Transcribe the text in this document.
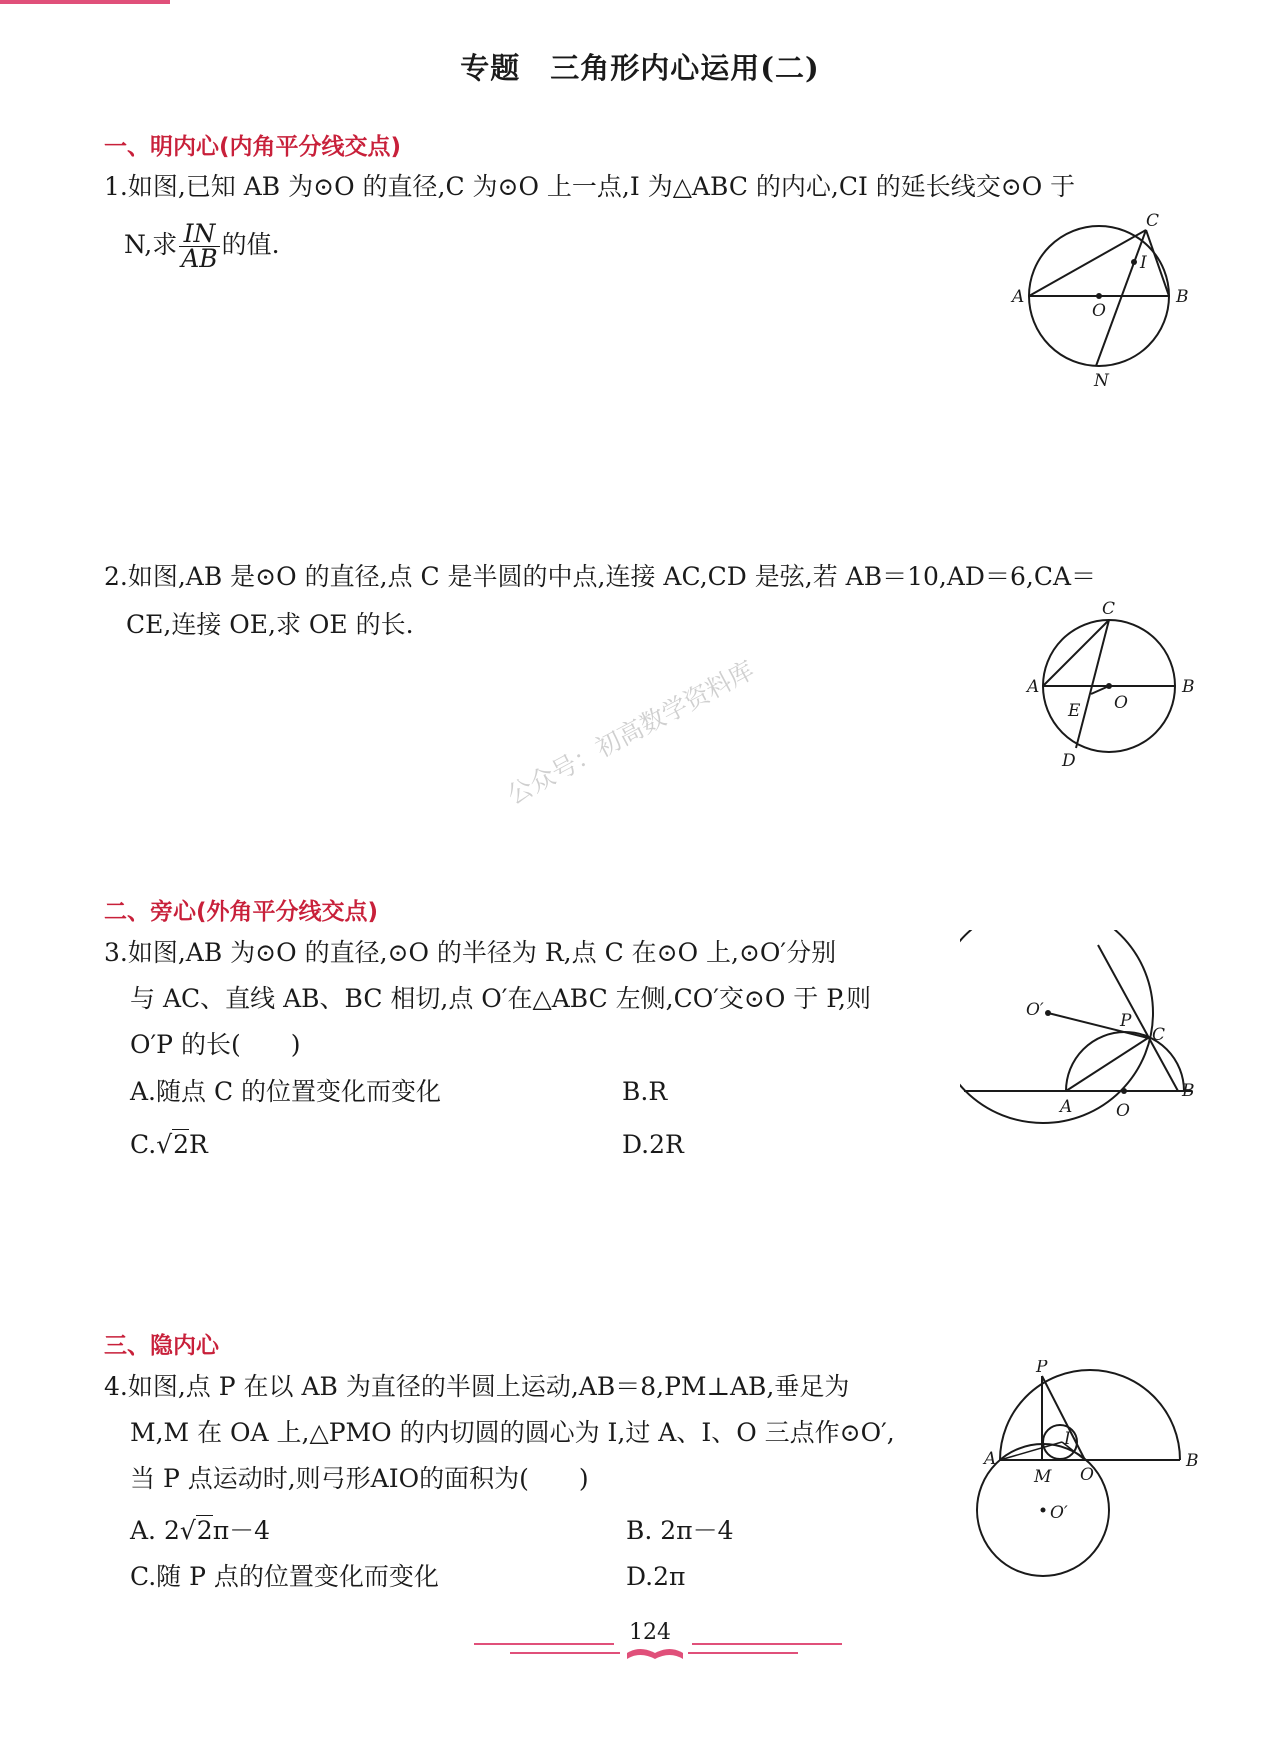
专题　三角形内心运用(二)
一、明内心(内角平分线交点)
1.如图,已知 AB 为⊙O 的直径,C 为⊙O 上一点,I 为△ABC 的内心,CI 的延长线交⊙O 于
N,求 $\frac{IN}{AB}$ 的值.
A	B
C
O
I
N
2.如图,AB 是⊙O 的直径,点 C 是半圆的中点,连接 AC,CD 是弦,若 AB＝10,AD＝6,CA＝
CE,连接 OE,求 OE 的长.
A	B
C
O
E
D
公众号：初高数学资料库
二、旁心(外角平分线交点)
3.如图,AB 为⊙O 的直径,⊙O 的半径为 R,点 C 在⊙O 上,⊙O′分别
与 AC、直线 AB、BC 相切,点 O′在△ABC 左侧,CO′交⊙O 于 P,则
O′P 的长(　　)
A.随点 C 的位置变化而变化	B.R
C.√2R	D.2R
O′
P
C
A	O
B
三、隐内心
4.如图,点 P 在以 AB 为直径的半圆上运动,AB＝8,PM⊥AB,垂足为
M,M 在 OA 上,△PMO 的内切圆的圆心为 I,过 A、I、O 三点作⊙O′,
当 P 点运动时,则弓形AIO的面积为(　　)
A. 2√2π－4	B. 2π－4
C.随 P 点的位置变化而变化	D.2π
P
A
M
I
O
B
O′
124
